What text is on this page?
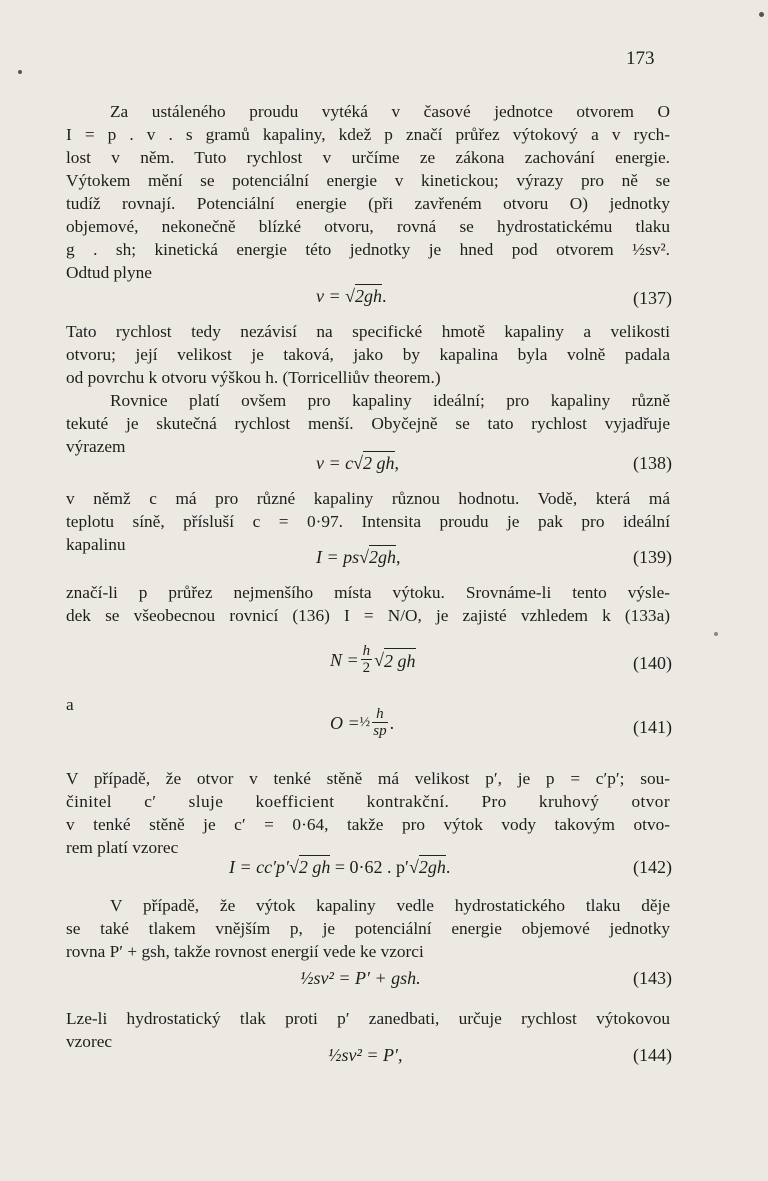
173
Za ustáleného proudu vytéká v časové jednotce otvorem O
I = p . v . s gramů kapaliny, kdež p značí průřez výtokový a v rych-
lost v něm. Tuto rychlost v určíme ze zákona zachování energie.
Výtokem mění se potenciální energie v kinetickou; výrazy pro ně se
tudíž rovnají. Potenciální energie (při zavřeném otvoru O) jednotky
objemové, nekonečně blízké otvoru, rovná se hydrostatickému tlaku
g . sh; kinetická energie této jednotky je hned pod otvorem ½sv².
Odtud plyne
v = √2gh.	(137)
Tato rychlost tedy nezávisí na specifické hmotě kapaliny a velikosti
otvoru; její velikost je taková, jako by kapalina byla volně padala
od povrchu k otvoru výškou h. (Torricelliův theorem.)
Rovnice platí ovšem pro kapaliny ideální; pro kapaliny různě
tekuté je skutečná rychlost menší. Obyčejně se tato rychlost vyjadřuje
výrazem
v = c√2 gh,	(138)
v němž c má pro různé kapaliny různou hodnotu. Vodě, která má
teplotu síně, přísluší c = 0·97. Intensita proudu je pak pro ideální
kapalinu
I = ps√2gh,	(139)
značí-li p průřez nejmenšího místa výtoku. Srovnáme-li tento výsle-
dek se všeobecnou rovnicí (136) I = N/O, je zajisté vzhledem k (133a)
$N = \frac{h}{2}$ √ 2 gh	(140)
a
O = ½ h
sp .	(141)
V případě, že otvor v tenké stěně má velikost p′, je p = c′p′; sou-
činitel c′ sluje koefficient kontrakční. Pro kruhový otvor
v tenké stěně je c′ = 0·64, takže pro výtok vody takovým otvo-
rem platí vzorec
I = cc′p′√2 gh = 0·62 . p′√2gh.	(142)
V případě, že výtok kapaliny vedle hydrostatického tlaku děje
se také tlakem vnějším p, je potenciální energie objemové jednotky
rovna P′ + gsh, takže rovnost energií vede ke vzorci
½sv² = P′ + gsh.	(143)
Lze-li hydrostatický tlak proti p′ zanedbati, určuje rychlost výtokovou
vzorec
½sv² = P′,	(144)
